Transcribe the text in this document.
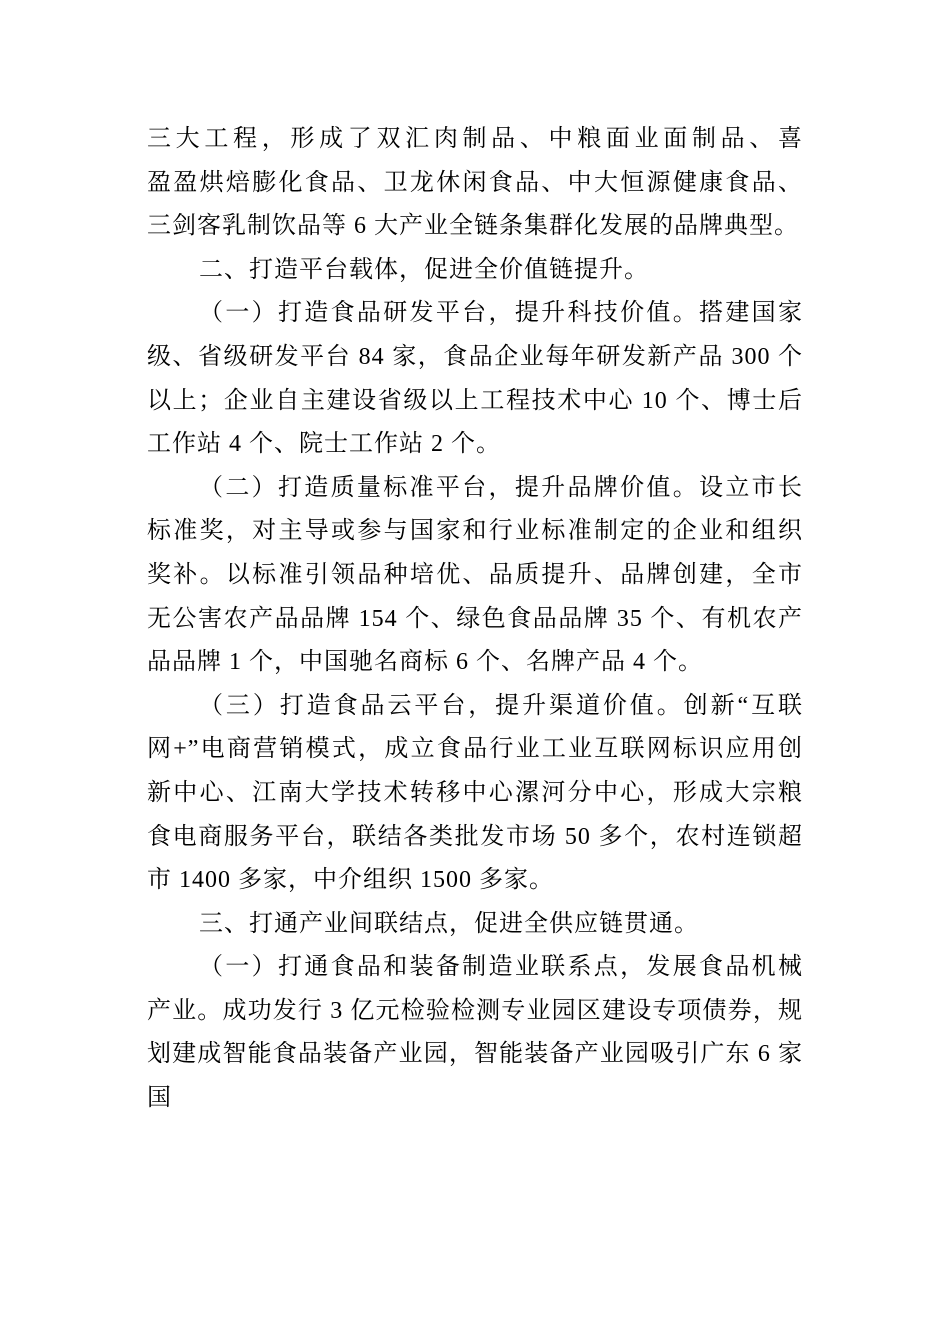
三大工程，形成了双汇肉制品、中粮面业面制品、喜
盈盈烘焙膨化食品、卫龙休闲食品、中大恒源健康食品、
三剑客乳制饮品等 6 大产业全链条集群化发展的品牌典型。
二、打造平台载体，促进全价值链提升。
（一）打造食品研发平台，提升科技价值。搭建国家
级、省级研发平台 84 家，食品企业每年研发新产品 300 个
以上；企业自主建设省级以上工程技术中心 10 个、博士后
工作站 4 个、院士工作站 2 个。
（二）打造质量标准平台，提升品牌价值。设立市长
标准奖，对主导或参与国家和行业标准制定的企业和组织
奖补。以标准引领品种培优、品质提升、品牌创建，全市
无公害农产品品牌 154 个、绿色食品品牌 35 个、有机农产
品品牌 1 个，中国驰名商标 6 个、名牌产品 4 个。
（三）打造食品云平台，提升渠道价值。创新“互联
网+”电商营销模式，成立食品行业工业互联网标识应用创
新中心、江南大学技术转移中心漯河分中心，形成大宗粮
食电商服务平台，联结各类批发市场 50 多个，农村连锁超
市 1400 多家，中介组织 1500 多家。
三、打通产业间联结点，促进全供应链贯通。
（一）打通食品和装备制造业联系点，发展食品机械
产业。成功发行 3 亿元检验检测专业园区建设专项债券，规
划建成智能食品装备产业园，智能装备产业园吸引广东 6 家
国
